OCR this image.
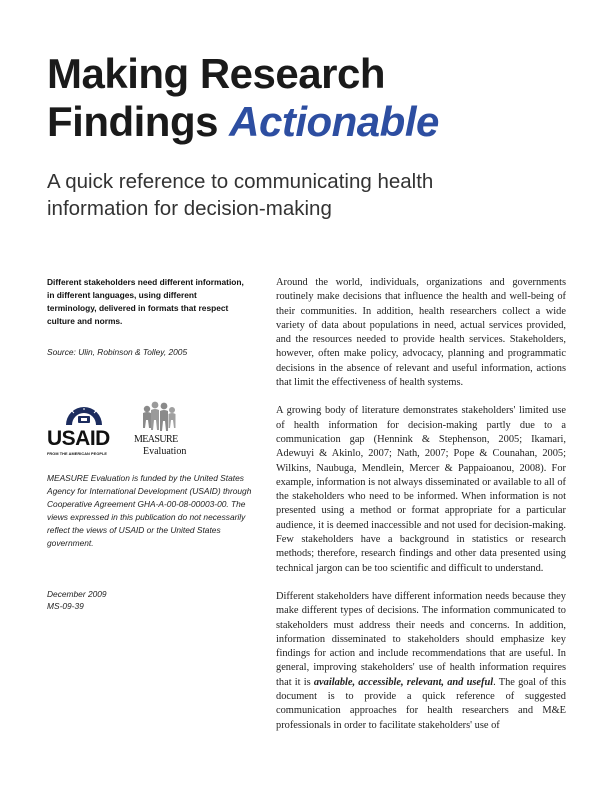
Making Research
Findings Actionable
A quick reference to communicating health information for decision-making
Different stakeholders need different information, in different languages, using different terminology, delivered in formats that respect culture and norms.
Source: Ulin, Robinson & Tolley, 2005
USAID
FROM THE AMERICAN PEOPLE
MEASURE
Evaluation

MEASURE Evaluation is funded by the United States Agency for International Development (USAID) through Cooperative Agreement GHA-A-00-08-00003-00. The views expressed in this publication do not necessarily reflect the views of USAID or the United States government.

December 2009
MS-09-39

Around the world, individuals, organizations and governments routinely make decisions that influence the health and well-being of their communities. In addition, health researchers collect a wide variety of data about populations in need, actual services provided, and the resources needed to provide health services. Stakeholders, however, often make policy, advocacy, planning and programmatic decisions in the absence of relevant and useful information, actions that limit the effectiveness of health systems.

A growing body of literature demonstrates stakeholders' limited use of health information for decision-making partly due to a communication gap (Hennink & Stephenson, 2005; Ikamari, Adewuyi & Akinlo, 2007; Nath, 2007; Pope & Counahan, 2005; Wilkins, Naubuga, Mendlein, Mercer & Pappaioanou, 2008). For example, information is not always disseminated or available to all of the stakeholders who need to be informed. When information is not presented using a method or format appropriate for a particular audience, it is deemed inaccessible and not used for decision-making. Few stakeholders have a background in statistics or research methods; therefore, research findings and other data presented using technical jargon can be too scientific and difficult to understand.

Different stakeholders have different information needs because they make different types of decisions. The information communicated to stakeholders must address their needs and concerns. In addition, information disseminated to stakeholders should emphasize key findings for action and include recommendations that are useful. In general, improving stakeholders' use of health information requires that it is available, accessible, relevant, and useful. The goal of this document is to provide a quick reference of suggested communication approaches for health researchers and M&E professionals in order to facilitate stakeholders' use of
